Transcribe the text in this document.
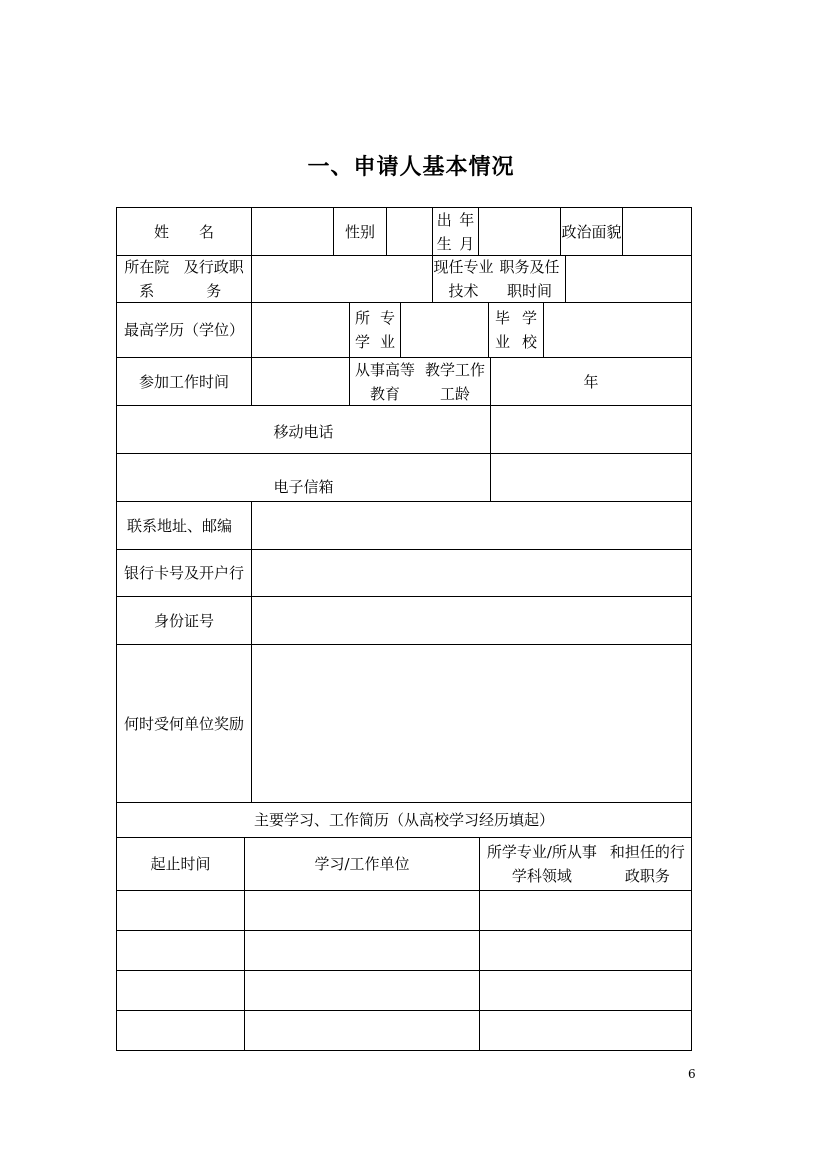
一、申请人基本情况
姓　　名	性 别
出生
年月
政治 面貌
所在院系
及行政职务
现任专业技术
职务及任职时间
最高学历 （学位）
所学
专业
毕业
学校
参加工作时间
从事高等教育
教学工作工龄
年
移动电话
电子信箱
联系地址、邮编
银行卡号及开户 行
身份证号
何时受何 单位奖励
主要学习、工作简历（从高校学习经历填起）
起止时间	学习/工作单位
所学专业/所从事学科领域
和担任的行政职务
6
